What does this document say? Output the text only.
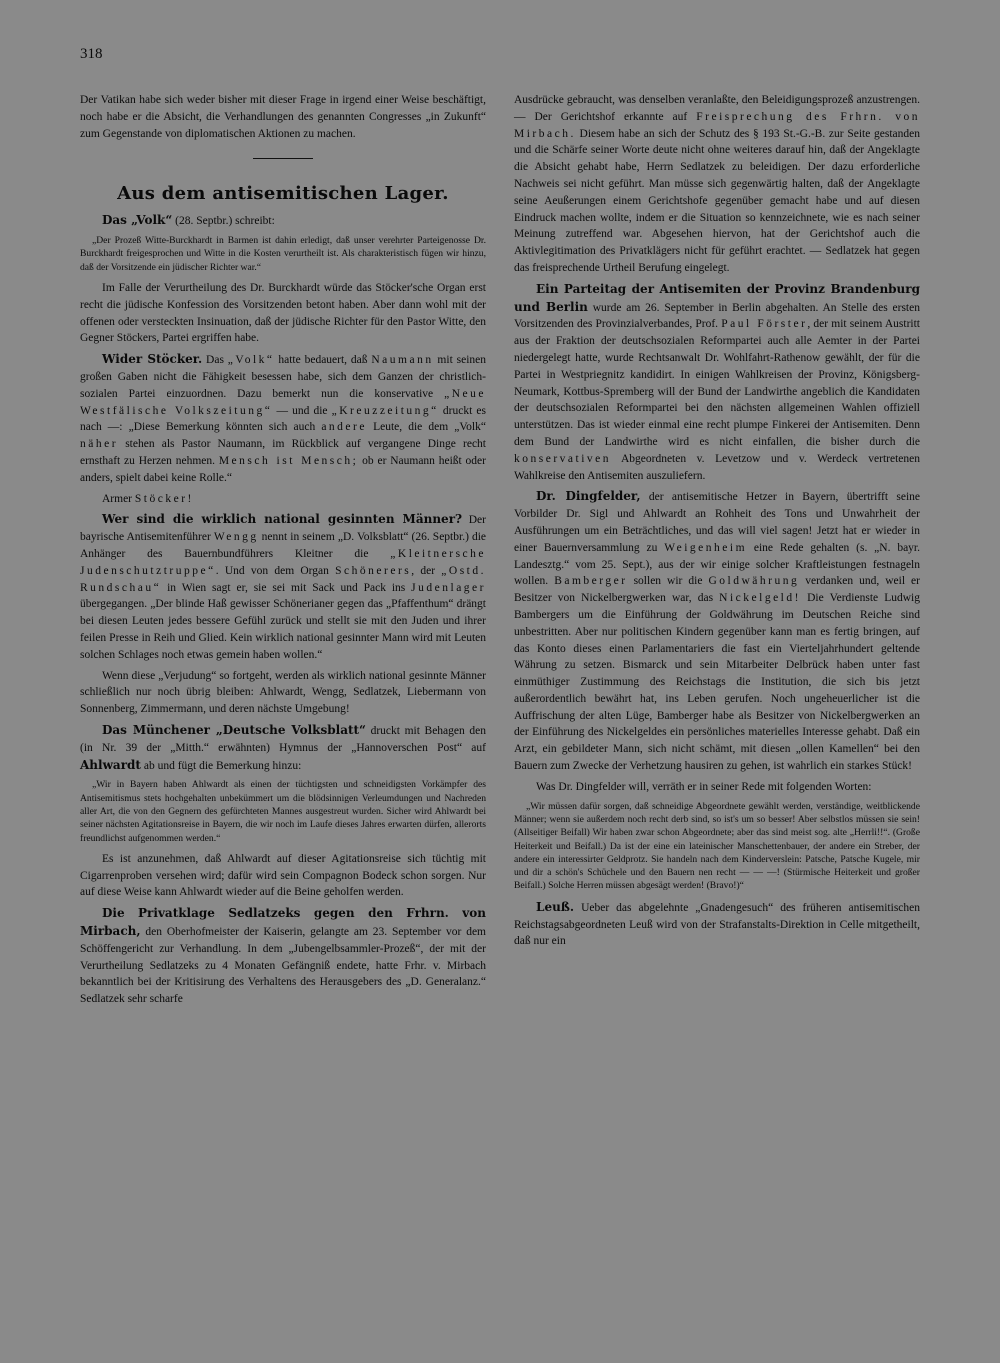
318

Der Vatikan habe sich weder bisher mit dieser Frage in irgend einer Weise beschäftigt, noch habe er die Absicht, die Verhandlungen des genannten Congresses „in Zukunft“ zum Gegenstande von diplomatischen Aktionen zu machen.

Aus dem antisemitischen Lager.

Das „Volk“ (28. Septbr.) schreibt:

„Der Prozeß Witte-Burckhardt in Barmen ist dahin erledigt, daß unser verehrter Parteigenosse Dr. Burckhardt freigesprochen und Witte in die Kosten verurtheilt ist. Als charakteristisch fügen wir hinzu, daß der Vorsitzende ein jüdischer Richter war.“

Im Falle der Verurtheilung des Dr. Burckhardt würde das Stöcker'sche Organ erst recht die jüdische Konfession des Vorsitzenden betont haben. Aber dann wohl mit der offenen oder versteckten Insinuation, daß der jüdische Richter für den Pastor Witte, den Gegner Stöckers, Partei ergriffen habe.

Wider Stöcker. Das „Volk“ hatte bedauert, daß Naumann mit seinen großen Gaben nicht die Fähigkeit besessen habe, sich dem Ganzen der christlich-sozialen Partei einzuordnen. Dazu bemerkt nun die konservative „Neue Westfälische Volkszeitung“ — und die „Kreuzzeitung“ druckt es nach —: „Diese Bemerkung könnten sich auch andere Leute, die dem „Volk“ näher stehen als Pastor Naumann, im Rückblick auf vergangene Dinge recht ernsthaft zu Herzen nehmen. Mensch ist Mensch; ob er Naumann heißt oder anders, spielt dabei keine Rolle.“

Armer Stöcker!

Wer sind die wirklich national gesinnten Männer? Der bayrische Antisemitenführer Wengg nennt in seinem „D. Volksblatt“ (26. Septbr.) die Anhänger des Bauernbundführers Kleitner die „Kleitnersche Judenschutztruppe“. Und von dem Organ Schönerers, der „Ostd. Rundschau“ in Wien sagt er, sie sei mit Sack und Pack ins Judenlager übergegangen. „Der blinde Haß gewisser Schönerianer gegen das „Pfaffenthum“ drängt bei diesen Leuten jedes bessere Gefühl zurück und stellt sie mit den Juden und ihrer feilen Presse in Reih und Glied. Kein wirklich national gesinnter Mann wird mit Leuten solchen Schlages noch etwas gemein haben wollen.“

Wenn diese „Verjudung“ so fortgeht, werden als wirklich national gesinnte Männer schließlich nur noch übrig bleiben: Ahlwardt, Wengg, Sedlatzek, Liebermann von Sonnenberg, Zimmermann, und deren nächste Umgebung!

Das Münchener „Deutsche Volksblatt“ druckt mit Behagen den (in Nr. 39 der „Mitth.“ erwähnten) Hymnus der „Hannoverschen Post“ auf Ahlwardt ab und fügt die Bemerkung hinzu:

„Wir in Bayern haben Ahlwardt als einen der tüchtigsten und schneidigsten Vorkämpfer des Antisemitismus stets hochgehalten unbekümmert um die blödsinnigen Verleumdungen und Nachreden aller Art, die von den Gegnern des gefürchteten Mannes ausgestreut wurden. Sicher wird Ahlwardt bei seiner nächsten Agitationsreise in Bayern, die wir noch im Laufe dieses Jahres erwarten dürfen, allerorts freundlichst aufgenommen werden.“

Es ist anzunehmen, daß Ahlwardt auf dieser Agitationsreise sich tüchtig mit Cigarrenproben versehen wird; dafür wird sein Compagnon Bodeck schon sorgen. Nur auf diese Weise kann Ahlwardt wieder auf die Beine geholfen werden.

Die Privatklage Sedlatzeks gegen den Frhrn. von Mirbach, den Oberhofmeister der Kaiserin, gelangte am 23. September vor dem Schöffengericht zur Verhandlung. In dem „Jubengelbsammler-Prozeß“, der mit der Verurtheilung Sedlatzeks zu 4 Monaten Gefängniß endete, hatte Frhr. v. Mirbach bekanntlich bei der Kritisirung des Verhaltens des Herausgebers des „D. Generalanz.“ Sedlatzek sehr scharfe

Ausdrücke gebraucht, was denselben veranlaßte, den Beleidigungsprozeß anzustrengen. — Der Gerichtshof erkannte auf Freisprechung des Frhrn. von Mirbach. Diesem habe an sich der Schutz des § 193 St.-G.-B. zur Seite gestanden und die Schärfe seiner Worte deute nicht ohne weiteres darauf hin, daß der Angeklagte die Absicht gehabt habe, Herrn Sedlatzek zu beleidigen. Der dazu erforderliche Nachweis sei nicht geführt. Man müsse sich gegenwärtig halten, daß der Angeklagte seine Aeußerungen einem Gerichtshofe gegenüber gemacht habe und auf diesen Eindruck machen wollte, indem er die Situation so kennzeichnete, wie es nach seiner Meinung zutreffend war. Abgesehen hiervon, hat der Gerichtshof auch die Aktivlegitimation des Privatklägers nicht für geführt erachtet. — Sedlatzek hat gegen das freisprechende Urtheil Berufung eingelegt.

Ein Parteitag der Antisemiten der Provinz Brandenburg und Berlin wurde am 26. September in Berlin abgehalten. An Stelle des ersten Vorsitzenden des Provinzialverbandes, Prof. Paul Förster, der mit seinem Austritt aus der Fraktion der deutschsozialen Reformpartei auch alle Aemter in der Partei niedergelegt hatte, wurde Rechtsanwalt Dr. Wohlfahrt-Rathenow gewählt, der für die Partei in Westpriegnitz kandidirt. In einigen Wahlkreisen der Provinz, Königsberg-Neumark, Kottbus-Spremberg will der Bund der Landwirthe angeblich die Kandidaten der deutschsozialen Reformpartei bei den nächsten allgemeinen Wahlen offiziell unterstützen. Das ist wieder einmal eine recht plumpe Finkerei der Antisemiten. Denn dem Bund der Landwirthe wird es nicht einfallen, die bisher durch die konservativen Abgeordneten v. Levetzow und v. Werdeck vertretenen Wahlkreise den Antisemiten auszuliefern.

Dr. Dingfelder, der antisemitische Hetzer in Bayern, übertrifft seine Vorbilder Dr. Sigl und Ahlwardt an Rohheit des Tons und Unwahrheit der Ausführungen um ein Beträchtliches, und das will viel sagen! Jetzt hat er wieder in einer Bauernversammlung zu Weigenheim eine Rede gehalten (s. „N. bayr. Landesztg.“ vom 25. Sept.), aus der wir einige solcher Kraftleistungen festnageln wollen. Bamberger sollen wir die Goldwährung verdanken und, weil er Besitzer von Nickelbergwerken war, das Nickelgeld! Die Verdienste Ludwig Bambergers um die Einführung der Goldwährung im Deutschen Reiche sind unbestritten. Aber nur politischen Kindern gegenüber kann man es fertig bringen, auf das Konto dieses einen Parlamentariers die fast ein Vierteljahrhundert geltende Währung zu setzen. Bismarck und sein Mitarbeiter Delbrück haben unter fast einmüthiger Zustimmung des Reichstags die Institution, die sich bis jetzt außerordentlich bewährt hat, ins Leben gerufen. Noch ungeheuerlicher ist die Auffrischung der alten Lüge, Bamberger habe als Besitzer von Nickelbergwerken an der Einführung des Nickelgeldes ein persönliches materielles Interesse gehabt. Daß ein Arzt, ein gebildeter Mann, sich nicht schämt, mit diesen „ollen Kamellen“ bei den Bauern zum Zwecke der Verhetzung hausiren zu gehen, ist wahrlich ein starkes Stück!

Was Dr. Dingfelder will, verräth er in seiner Rede mit folgenden Worten:

„Wir müssen dafür sorgen, daß schneidige Abgeordnete gewählt werden, verständige, weitblickende Männer; wenn sie außerdem noch recht derb sind, so ist's um so besser! Aber selbstlos müssen sie sein! (Allseitiger Beifall) Wir haben zwar schon Abgeordnete; aber das sind meist sog. alte „Herrli!!“. (Große Heiterkeit und Beifall.) Da ist der eine ein lateinischer Manschettenbauer, der andere ein Streber, der andere ein interessirter Geldprotz. Sie handeln nach dem Kinderverslein: Patsche, Patsche Kugele, mir und dir a schön's Schüchele und den Bauern nen recht — — —! (Stürmische Heiterkeit und großer Beifall.) Solche Herren müssen abgesägt werden! (Bravo!)“

Leuß. Ueber das abgelehnte „Gnadengesuch“ des früheren antisemitischen Reichstagsabgeordneten Leuß wird von der Strafanstalts-Direktion in Celle mitgetheilt, daß nur ein
